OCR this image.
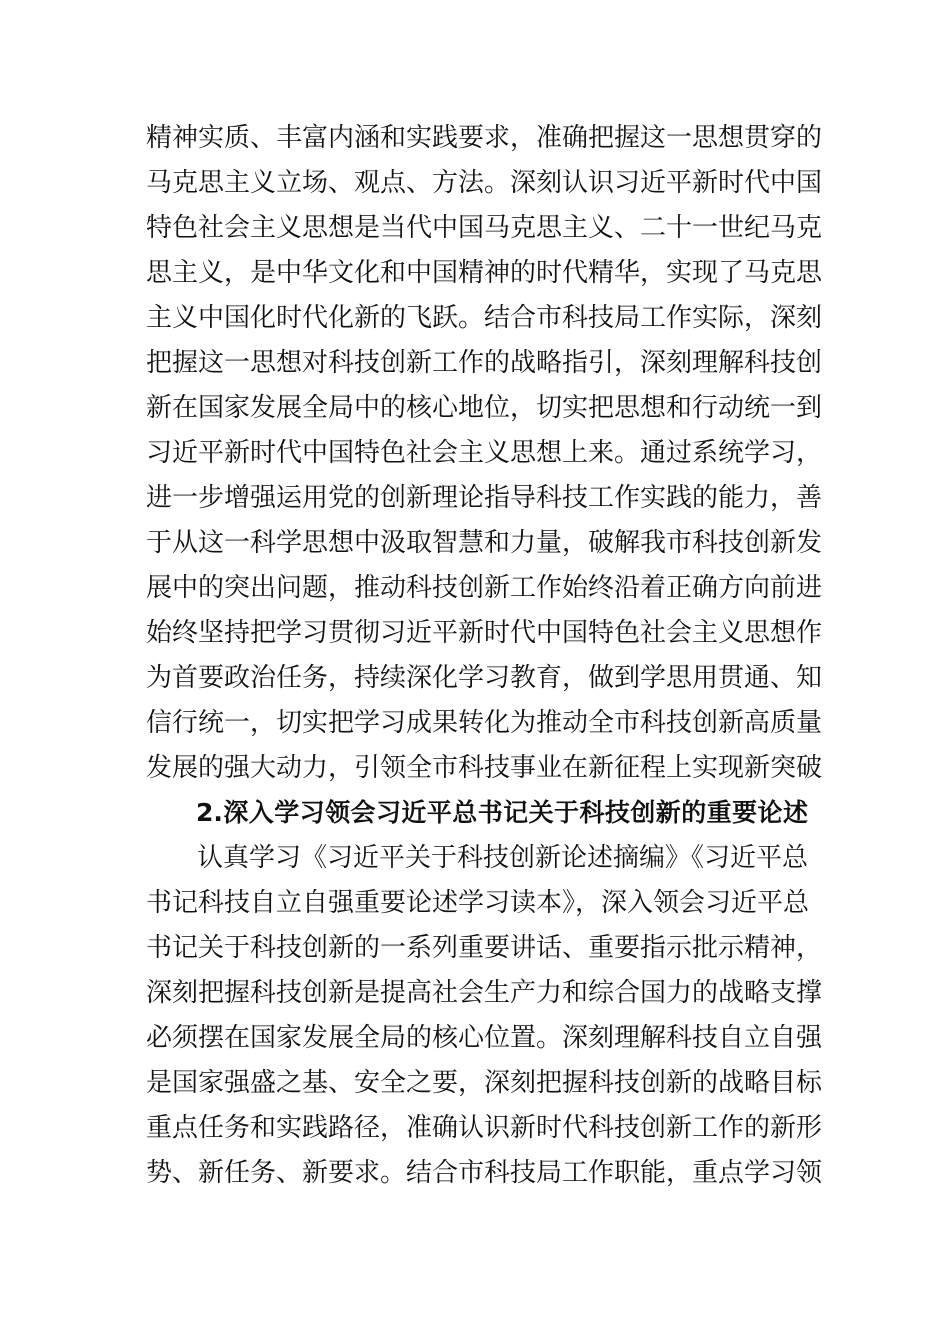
精神实质、丰富内涵和实践要求，准确把握这一思想贯穿的
马克思主义立场、观点、方法。深刻认识习近平新时代中国
特色社会主义思想是当代中国马克思主义、二十一世纪马克
思主义，是中华文化和中国精神的时代精华，实现了马克思
主义中国化时代化新的飞跃。结合市科技局工作实际，深刻
把握这一思想对科技创新工作的战略指引，深刻理解科技创
新在国家发展全局中的核心地位，切实把思想和行动统一到
习近平新时代中国特色社会主义思想上来。通过系统学习，
进一步增强运用党的创新理论指导科技工作实践的能力，善
于从这一科学思想中汲取智慧和力量，破解我市科技创新发
展中的突出问题，推动科技创新工作始终沿着正确方向前进
始终坚持把学习贯彻习近平新时代中国特色社会主义思想作
为首要政治任务，持续深化学习教育，做到学思用贯通、知
信行统一，切实把学习成果转化为推动全市科技创新高质量
发展的强大动力，引领全市科技事业在新征程上实现新突破
2.深入学习领会习近平总书记关于科技创新的重要论述
认真学习《习近平关于科技创新论述摘编》《习近平总
书记科技自立自强重要论述学习读本》，深入领会习近平总
书记关于科技创新的一系列重要讲话、重要指示批示精神，
深刻把握科技创新是提高社会生产力和综合国力的战略支撑
必须摆在国家发展全局的核心位置。深刻理解科技自立自强
是国家强盛之基、安全之要，深刻把握科技创新的战略目标
重点任务和实践路径，准确认识新时代科技创新工作的新形
势、新任务、新要求。结合市科技局工作职能，重点学习领
